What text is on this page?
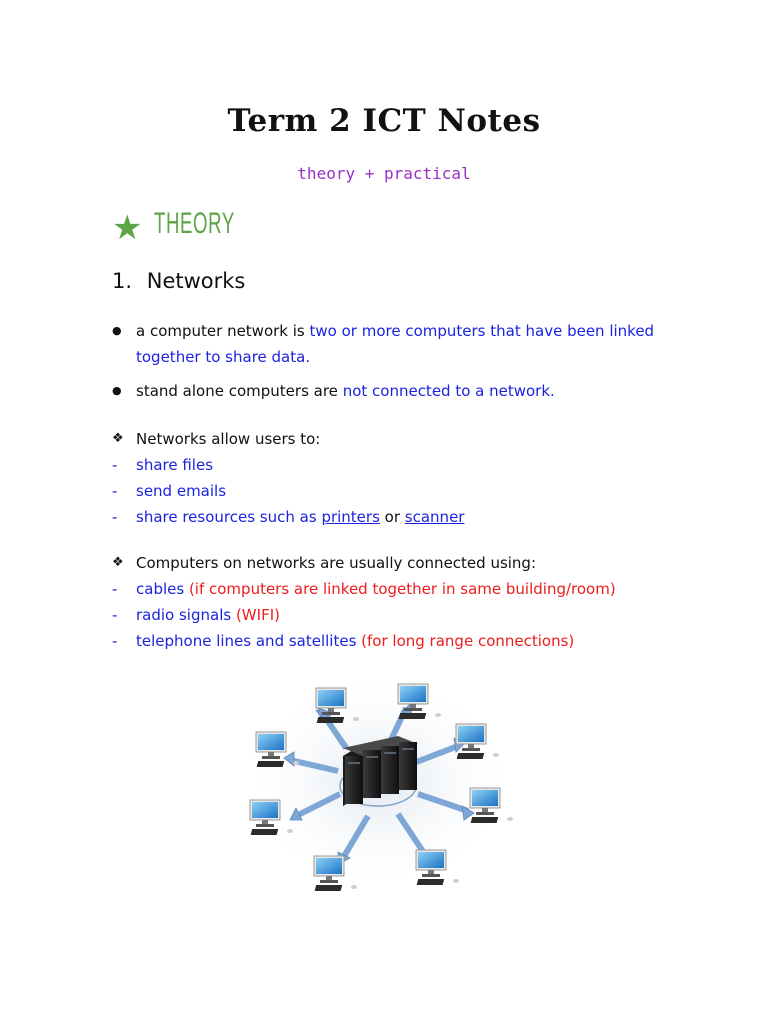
Term 2 ICT Notes
theory + practical
★ THEORY
1. Networks
● a computer network is two or more computers that have been linked together to share data.
● stand alone computers are not connected to a network.
❖ Networks allow users to:
-	share files
-	send emails
-	share resources such as printers or scanner
❖ Computers on networks are usually connected using:
-	cables (if computers are linked together in same building/room)
-	radio signals (WIFI)
-	telephone lines and satellites (for long range connections)
